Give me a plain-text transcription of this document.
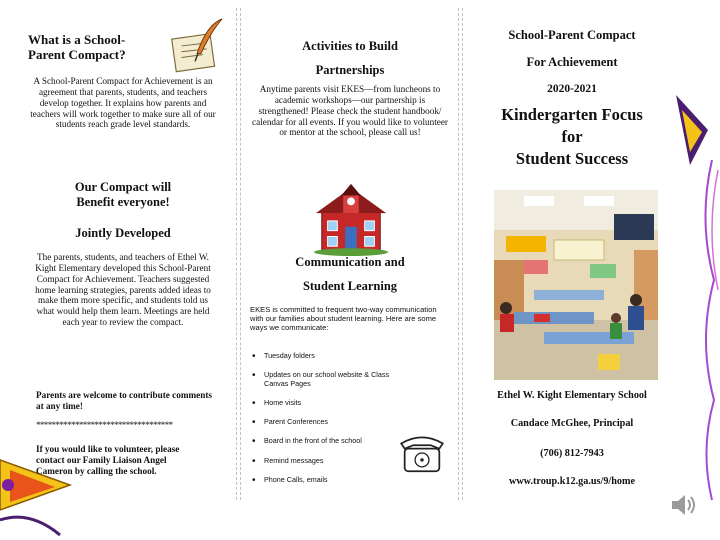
What is a School-
Parent Compact?
A School-Parent Compact for Achievement is an agreement that parents, students, and teachers develop together. It explains how parents and teachers will work together to make sure all of our students reach grade level standards.
Our Compact will
Benefit everyone!
Jointly Developed
The parents, students, and teachers of Ethel W. Kight Elementary developed this School-Parent Compact for Achievement. Teachers suggested home learning strategies, parents added ideas to make them more specific, and students told us what would help them learn. Meetings are held each year to review the compact.
Parents are welcome to contribute comments at any time!
***********************************
If you would like to volunteer, please contact our Family Liaison Angel Cameron by calling the school.
Activities to Build
Partnerships
Anytime parents visit EKES—from luncheons to academic workshops—our partnership is strengthened! Please check the student handbook/ calendar for all events. If you would like to volunteer or mentor at the school, please call us!
Communication and
Student Learning
EKES is committed to frequent two-way communication with our families about student learning. Here are some ways we communicate:
• Tuesday folders
• Updates on our school website & Class Canvas Pages
• Home visits
• Parent Conferences
• Board in the front of the school
• Remind messages
• Phone Calls, emails
School-Parent Compact
For Achievement
2020-2021
Kindergarten Focus
for
Student Success
Ethel W. Kight Elementary School
Candace McGhee, Principal
(706) 812-7943
www.troup.k12.ga.us/9/home
